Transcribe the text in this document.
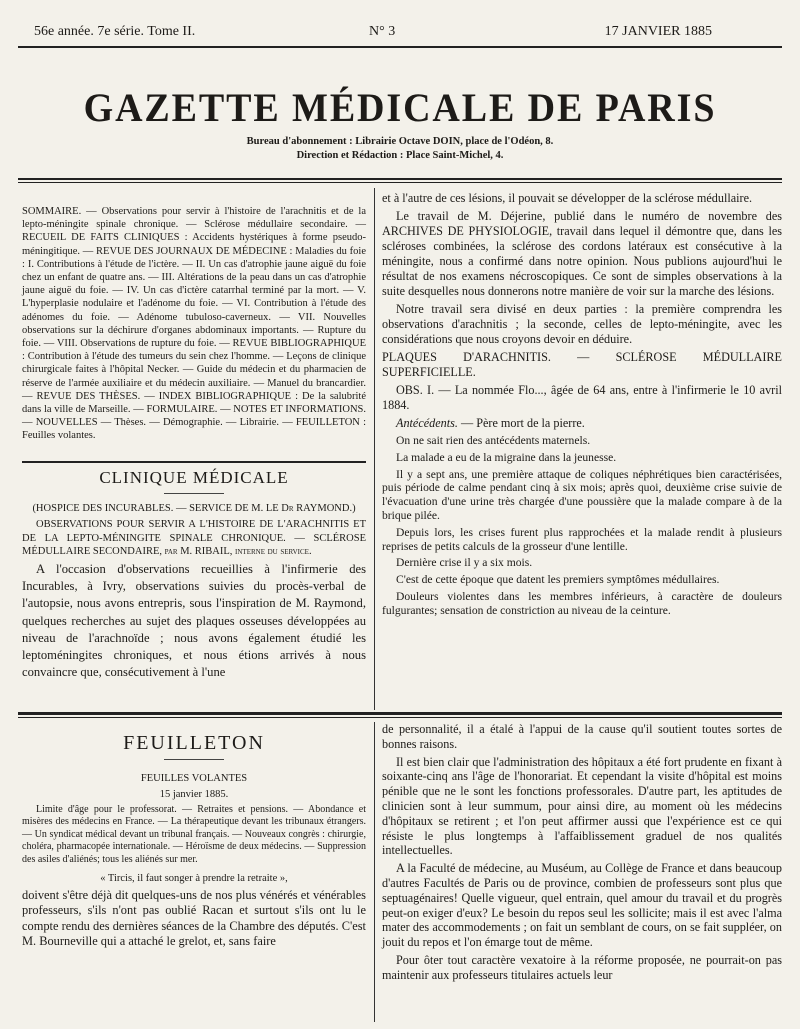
56e année. 7e série. Tome II.	N° 3	17 JANVIER 1885
GAZETTE MÉDICALE DE PARIS
Bureau d'abonnement : Librairie Octave DOIN, place de l'Odéon, 8.
Direction et Rédaction : Place Saint-Michel, 4.

SOMMAIRE. — Observations pour servir à l'histoire de l'arachnitis et de la lepto-méningite spinale chronique. — Sclérose médullaire secondaire. — RECUEIL DE FAITS CLINIQUES : Accidents hystériques à forme pseudo-méningitique. — REVUE DES JOURNAUX DE MÉDECINE : Maladies du foie : I. Contributions à l'étude de l'ictère. — II. Un cas d'atrophie jaune aiguë du foie chez un enfant de quatre ans. — III. Altérations de la peau dans un cas d'atrophie jaune aiguë du foie. — IV. Un cas d'ictère catarrhal terminé par la mort. — V. L'hyperplasie nodulaire et l'adénome du foie. — VI. Contribution à l'étude des adénomes du foie. — Adénome tubuloso-caverneux. — VII. Nouvelles observations sur la déchirure d'organes abdominaux importants. — Rupture du foie. — VIII. Observations de rupture du foie. — REVUE BIBLIOGRAPHIQUE : Contribution à l'étude des tumeurs du sein chez l'homme. — Leçons de clinique chirurgicale faites à l'hôpital Necker. — Guide du médecin et du pharmacien de réserve de l'armée auxiliaire et du médecin auxiliaire. — Manuel du brancardier. — REVUE DES THÈSES. — INDEX BIBLIOGRAPHIQUE : De la salubrité dans la ville de Marseille. — FORMULAIRE. — NOTES ET INFORMATIONS. — NOUVELLES — Thèses. — Démographie. — Librairie. — FEUILLETON : Feuilles volantes.

CLINIQUE MÉDICALE

(HOSPICE DES INCURABLES. — SERVICE DE M. LE Dr RAYMOND.)

OBSERVATIONS POUR SERVIR A L'HISTOIRE DE L'ARACHNITIS ET DE LA LEPTO-MÉNINGITE SPINALE CHRONIQUE. — SCLÉROSE MÉDULLAIRE SECONDAIRE, par M. RIBAIL, interne du service.

A l'occasion d'observations recueillies à l'infirmerie des Incurables, à Ivry, observations suivies du procès-verbal de l'autopsie, nous avons entrepris, sous l'inspiration de M. Raymond, quelques recherches au sujet des plaques osseuses développées au niveau de l'arachnoïde ; nous avons également étudié les leptoméningites chroniques, et nous étions arrivés à nous convaincre que, consécutivement à l'une

et à l'autre de ces lésions, il pouvait se développer de la sclérose médullaire.

Le travail de M. Déjerine, publié dans le numéro de novembre des ARCHIVES DE PHYSIOLOGIE, travail dans lequel il démontre que, dans les scléroses combinées, la sclérose des cordons latéraux est consécutive à la méningite, nous a confirmé dans notre opinion. Nous publions aujourd'hui le résultat de nos examens nécroscopiques. Ce sont de simples observations à la suite desquelles nous donnerons notre manière de voir sur la marche des lésions.

Notre travail sera divisé en deux parties : la première comprendra les observations d'arachnitis ; la seconde, celles de lepto-méningite, avec les considérations que nous croyons devoir en déduire.

PLAQUES D'ARACHNITIS. — SCLÉROSE MÉDULLAIRE SUPERFICIELLE.

OBS. I. — La nommée Flo..., âgée de 64 ans, entre à l'infirmerie le 10 avril 1884.

Antécédents. — Père mort de la pierre.

On ne sait rien des antécédents maternels.

La malade a eu de la migraine dans la jeunesse.

Il y a sept ans, une première attaque de coliques néphrétiques bien caractérisées, puis période de calme pendant cinq à six mois; après quoi, deuxième crise suivie de l'évacuation d'une urine très chargée d'une poussière que la malade compare à de la brique pilée.

Depuis lors, les crises furent plus rapprochées et la malade rendit à plusieurs reprises de petits calculs de la grosseur d'une lentille.

Dernière crise il y a six mois.

C'est de cette époque que datent les premiers symptômes médullaires.

Douleurs violentes dans les membres inférieurs, à caractère de douleurs fulgurantes; sensation de constriction au niveau de la ceinture.

FEUILLETON

FEUILLES VOLANTES

15 janvier 1885.

Limite d'âge pour le professorat. — Retraites et pensions. — Abondance et misères des médecins en France. — La thérapeutique devant les tribunaux étrangers. — Un syndicat médical devant un tribunal français. — Nouveaux congrès : chirurgie, choléra, pharmacopée internationale. — Héroïsme de deux médecins. — Suppression des asiles d'aliénés; tous les aliénés sur mer.

« Tircis, il faut songer à prendre la retraite »,

doivent s'être déjà dit quelques-uns de nos plus vénérés et vénérables professeurs, s'ils n'ont pas oublié Racan et surtout s'ils ont lu le compte rendu des dernières séances de la Chambre des députés. C'est M. Bourneville qui a attaché le grelot, et, sans faire

de personnalité, il a étalé à l'appui de la cause qu'il soutient toutes sortes de bonnes raisons.

Il est bien clair que l'administration des hôpitaux a été fort prudente en fixant à soixante-cinq ans l'âge de l'honorariat. Et cependant la visite d'hôpital est moins pénible que ne le sont les fonctions professorales. D'autre part, les aptitudes de clinicien sont à leur summum, pour ainsi dire, au moment où les médecins d'hôpitaux se retirent ; et l'on peut affirmer aussi que l'expérience est ce qui résiste le plus longtemps à l'affaiblissement graduel de nos qualités intellectuelles.

A la Faculté de médecine, au Muséum, au Collège de France et dans beaucoup d'autres Facultés de Paris ou de province, combien de professeurs sont plus que septuagénaires! Quelle vigueur, quel entrain, quel amour du travail et du progrès peut-on exiger d'eux? Le besoin du repos seul les sollicite; mais il est avec l'alma mater des accommodements ; on fait un semblant de cours, on se fait suppléer, on jouit du repos et l'on émarge tout de même.

Pour ôter tout caractère vexatoire à la réforme proposée, ne pourrait-on pas maintenir aux professeurs titulaires actuels leur
